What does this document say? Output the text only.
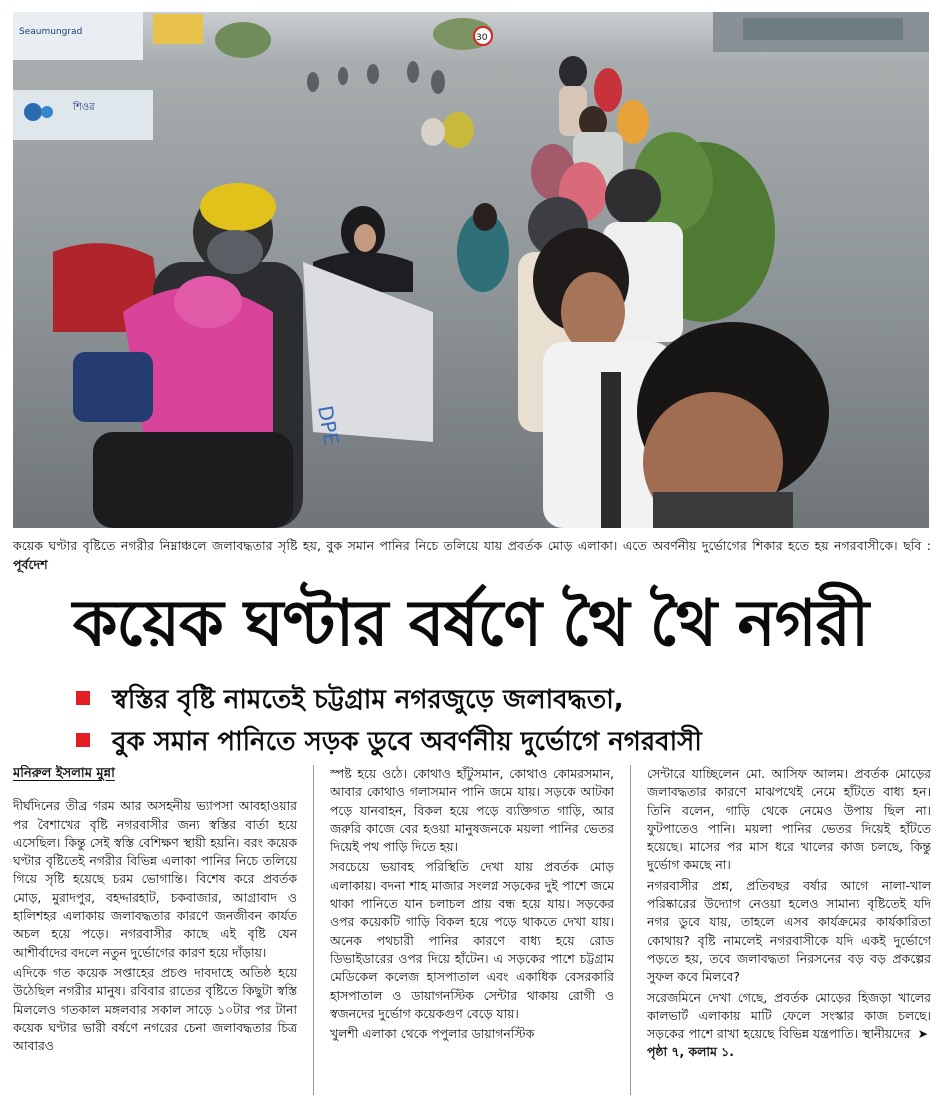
DPE
Seaumungrad
শিওর
30
কয়েক ঘণ্টার বৃষ্টিতে নগরীর নিম্নাঞ্চলে জলাবদ্ধতার সৃষ্টি হয়, বুক সমান পানির নিচে তলিয়ে যায় প্রবর্তক মোড় এলাকা। এতে অবর্ণনীয় দুর্ভোগের শিকার হতে হয় নগরবাসীকে। ছবি : পূর্বদেশ
কয়েক ঘণ্টার বর্ষণে থৈ থৈ নগরী
স্বস্তির বৃষ্টি নামতেই চট্টগ্রাম নগরজুড়ে জলাবদ্ধতা,
বুক সমান পানিতে সড়ক ডুবে অবর্ণনীয় দুর্ভোগে নগরবাসী
মনিরুল ইসলাম মুন্না

দীর্ঘদিনের তীব্র গরম আর অসহনীয় ভ্যাপসা আবহাওয়ার পর বৈশাখের বৃষ্টি নগরবাসীর জন্য স্বস্তির বার্তা হয়ে এসেছিল। কিন্তু সেই স্বস্তি বেশিক্ষণ স্থায়ী হয়নি। বরং কয়েক ঘণ্টার বৃষ্টিতেই নগরীর বিভিন্ন এলাকা পানির নিচে তলিয়ে গিয়ে সৃষ্টি হয়েছে চরম ভোগান্তি। বিশেষ করে প্রবর্তক মোড়, মুরাদপুর, বহদ্দারহাট, চকবাজার, আগ্রাবাদ ও হালিশহর এলাকায় জলাবদ্ধতার কারণে জনজীবন কার্যত অচল হয়ে পড়ে। নগরবাসীর কাছে এই বৃষ্টি যেন আশীর্বাদের বদলে নতুন দুর্ভোগের কারণ হয়ে দাঁড়ায়।

এদিকে গত কয়েক সপ্তাহের প্রচণ্ড দাবদাহে অতিষ্ঠ হয়ে উঠেছিল নগরীর মানুষ। রবিবার রাতের বৃষ্টিতে কিছুটা স্বস্তি মিললেও গতকাল মঙ্গলবার সকাল সাড়ে ১০টার পর টানা কয়েক ঘণ্টার ভারী বর্ষণে নগরের চেনা জলাবদ্ধতার চিত্র আবারও

স্পষ্ট হয়ে ওঠে। কোথাও হাঁটুসমান, কোথাও কোমরসমান, আবার কোথাও গলাসমান পানি জমে যায়। সড়কে আটকা পড়ে যানবাহন, বিকল হয়ে পড়ে ব্যক্তিগত গাড়ি, আর জরুরি কাজে বের হওয়া মানুষজনকে ময়লা পানির ভেতর দিয়েই পথ পাড়ি দিতে হয়।

সবচেয়ে ভয়াবহ পরিস্থিতি দেখা যায় প্রবর্তক মোড় এলাকায়। বদনা শাহ মাজার সংলগ্ন সড়কের দুই পাশে জমে থাকা পানিতে যান চলাচল প্রায় বন্ধ হয়ে যায়। সড়কের ওপর কয়েকটি গাড়ি বিকল হয়ে পড়ে থাকতে দেখা যায়। অনেক পথচারী পানির কারণে বাধ্য হয়ে রোড ডিভাইডারের ওপর দিয়ে হাঁটেন। এ সড়কের পাশে চট্টগ্রাম মেডিকেল কলেজ হাসপাতাল এবং একাধিক বেসরকারি হাসপাতাল ও ডায়াগনস্টিক সেন্টার থাকায় রোগী ও স্বজনদের দুর্ভোগ কয়েকগুণ বেড়ে যায়।

খুলশী এলাকা থেকে পপুলার ডায়াগনস্টিক

সেন্টারে যাচ্ছিলেন মো. আসিফ আলম। প্রবর্তক মোড়ের জলাবদ্ধতার কারণে মাঝপথেই নেমে হাঁটতে বাধ্য হন। তিনি বলেন, গাড়ি থেকে নেমেও উপায় ছিল না। ফুটপাতেও পানি। ময়লা পানির ভেতর দিয়েই হাঁটতে হয়েছে। মাসের পর মাস ধরে খালের কাজ চলছে, কিন্তু দুর্ভোগ কমছে না।

নগরবাসীর প্রশ্ন, প্রতিবছর বর্ষার আগে নালা-খাল পরিষ্কারের উদ্যোগ নেওয়া হলেও সামান্য বৃষ্টিতেই যদি নগর ডুবে যায়, তাহলে এসব কার্যক্রমের কার্যকারিতা কোথায়? বৃষ্টি নামলেই নগরবাসীকে যদি একই দুর্ভোগে পড়তে হয়, তবে জলাবদ্ধতা নিরসনের বড় বড় প্রকল্পের সুফল কবে মিলবে?

সরেজমিনে দেখা গেছে, প্রবর্তক মোড়ের হিজড়া খালের কালভার্ট এলাকায় মাটি ফেলে সংস্কার কাজ চলছে। সড়কের পাশে রাখা হয়েছে বিভিন্ন যন্ত্রপাতি। স্থানীয়দের ➤পৃষ্ঠা ৭, কলাম ১.
